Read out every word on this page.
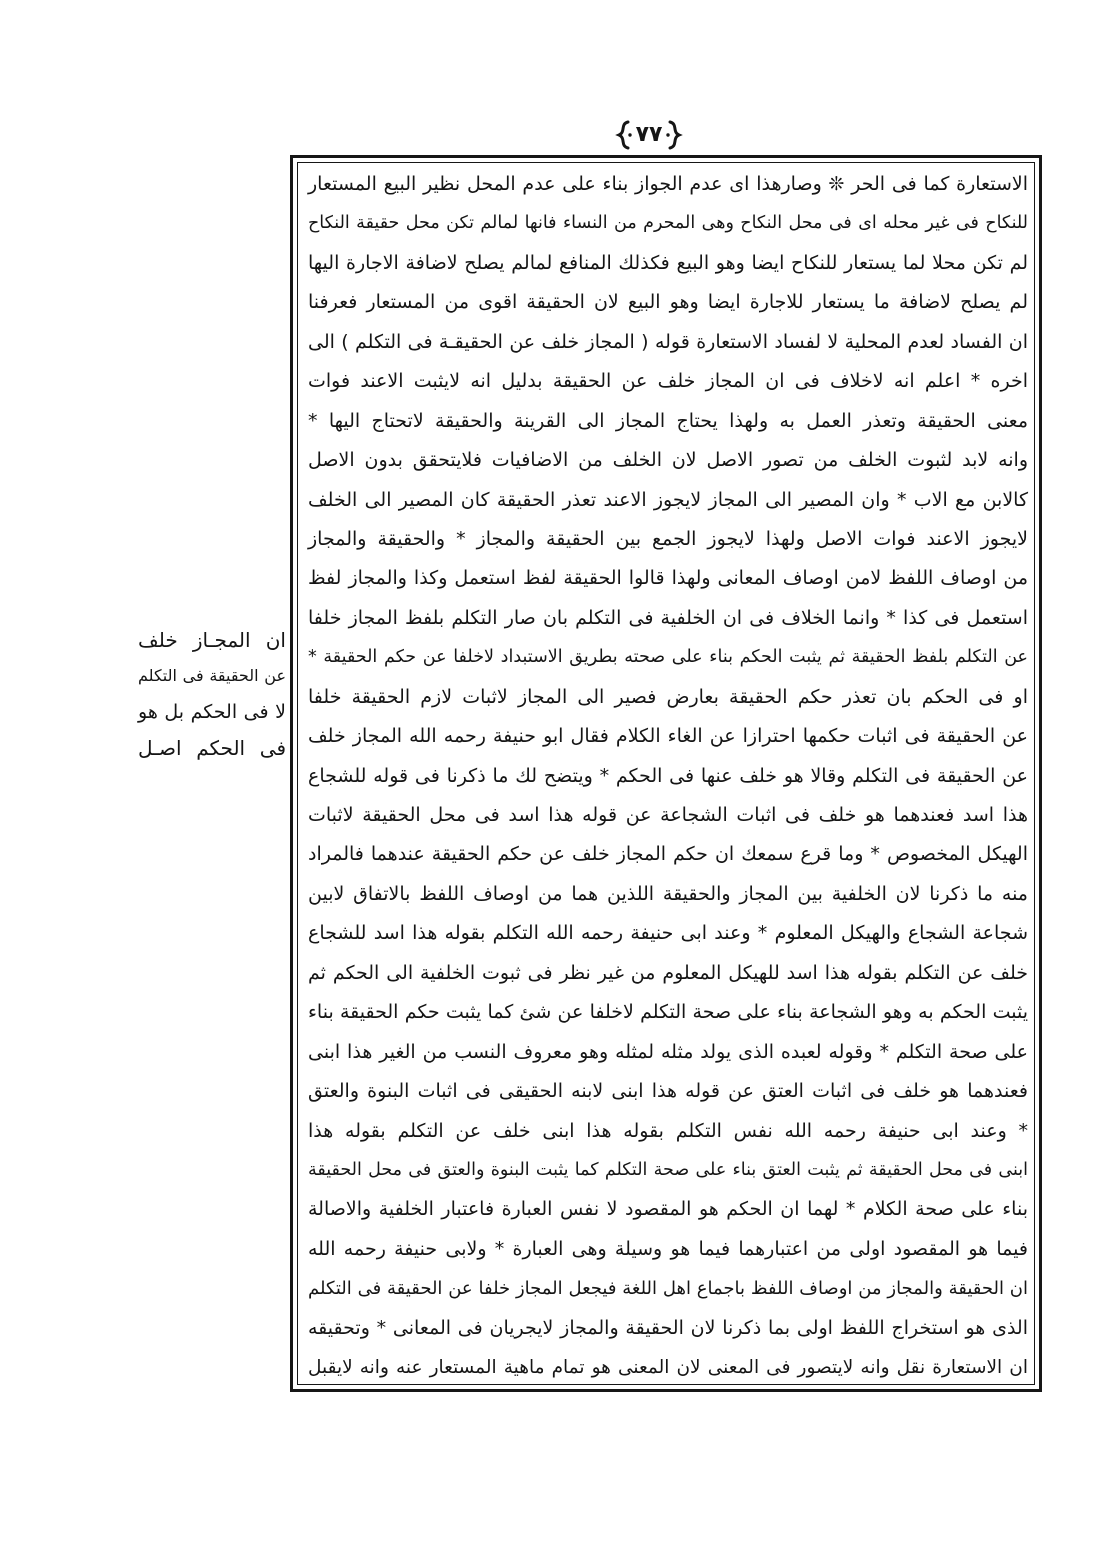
٧٧
ان المجـاز خلف
عن الحقيقة فى التكلم
لا فى الحكم بل هو
فى الحكم اصـل
الاستعارة كما فى الحر ❊ وصارهذا اى عدم الجواز بناء على عدم المحل نظير البيع المستعار
للنكاح فى غير محله اى فى محل النكاح وهى المحرم من النساء فانها لمالم تكن محل حقيقة النكاح
لم تكن محلا لما يستعار للنكاح ايضا وهو البيع فكذلك المنافع لمالم يصلح لاضافة الاجارة اليها
لم يصلح لاضافة ما يستعار للاجارة ايضا وهو البيع لان الحقيقة اقوى من المستعار فعرفنا
ان الفساد لعدم المحلية لا لفساد الاستعارة قوله ( المجاز خلف عن الحقيقـة فى التكلم ) الى
اخره * اعلم انه لاخلاف فى ان المجاز خلف عن الحقيقة بدليل انه لايثبت الاعند فوات
معنى الحقيقة وتعذر العمل به ولهذا يحتاج المجاز الى القرينة والحقيقة لاتحتاج اليها *
وانه لابد لثبوت الخلف من تصور الاصل لان الخلف من الاضافيات فلايتحقق بدون الاصل
كالابن مع الاب * وان المصير الى المجاز لايجوز الاعند تعذر الحقيقة كان المصير الى الخلف
لايجوز الاعند فوات الاصل ولهذا لايجوز الجمع بين الحقيقة والمجاز * والحقيقة والمجاز
من اوصاف اللفظ لامن اوصاف المعانى ولهذا قالوا الحقيقة لفظ استعمل وكذا والمجاز لفظ
استعمل فى كذا * وانما الخلاف فى ان الخلفية فى التكلم بان صار التكلم بلفظ المجاز خلفا
عن التكلم بلفظ الحقيقة ثم يثبت الحكم بناء على صحته بطريق الاستبداد لاخلفا عن حكم الحقيقة *
او فى الحكم بان تعذر حكم الحقيقة بعارض فصير الى المجاز لاثبات لازم الحقيقة خلفا
عن الحقيقة فى اثبات حكمها احترازا عن الغاء الكلام فقال ابو حنيفة رحمه الله المجاز خلف
عن الحقيقة فى التكلم وقالا هو خلف عنها فى الحكم * ويتضح لك ما ذكرنا فى قوله للشجاع
هذا اسد فعندهما هو خلف فى اثبات الشجاعة عن قوله هذا اسد فى محل الحقيقة لاثبات
الهيكل المخصوص * وما قرع سمعك ان حكم المجاز خلف عن حكم الحقيقة عندهما فالمراد
منه ما ذكرنا لان الخلفية بين المجاز والحقيقة اللذين هما من اوصاف اللفظ بالاتفاق لابين
شجاعة الشجاع والهيكل المعلوم * وعند ابى حنيفة رحمه الله التكلم بقوله هذا اسد للشجاع
خلف عن التكلم بقوله هذا اسد للهيكل المعلوم من غير نظر فى ثبوت الخلفية الى الحكم ثم
يثبت الحكم به وهو الشجاعة بناء على صحة التكلم لاخلفا عن شئ كما يثبت حكم الحقيقة بناء
على صحة التكلم * وقوله لعبده الذى يولد مثله لمثله وهو معروف النسب من الغير هذا ابنى
فعندهما هو خلف فى اثبات العتق عن قوله هذا ابنى لابنه الحقيقى فى اثبات البنوة والعتق
* وعند ابى حنيفة رحمه الله نفس التكلم بقوله هذا ابنى خلف عن التكلم بقوله هذا
ابنى فى محل الحقيقة ثم يثبت العتق بناء على صحة التكلم كما يثبت البنوة والعتق فى محل الحقيقة
بناء على صحة الكلام * لهما ان الحكم هو المقصود لا نفس العبارة فاعتبار الخلفية والاصالة
فيما هو المقصود اولى من اعتبارهما فيما هو وسيلة وهى العبارة * ولابى حنيفة رحمه الله
ان الحقيقة والمجاز من اوصاف اللفظ باجماع اهل اللغة فيجعل المجاز خلفا عن الحقيقة فى التكلم
الذى هو استخراج اللفظ اولى بما ذكرنا لان الحقيقة والمجاز لايجريان فى المعانى * وتحقيقه
ان الاستعارة نقل وانه لايتصور فى المعنى لان المعنى هو تمام ماهية المستعار عنه وانه لايقبل
